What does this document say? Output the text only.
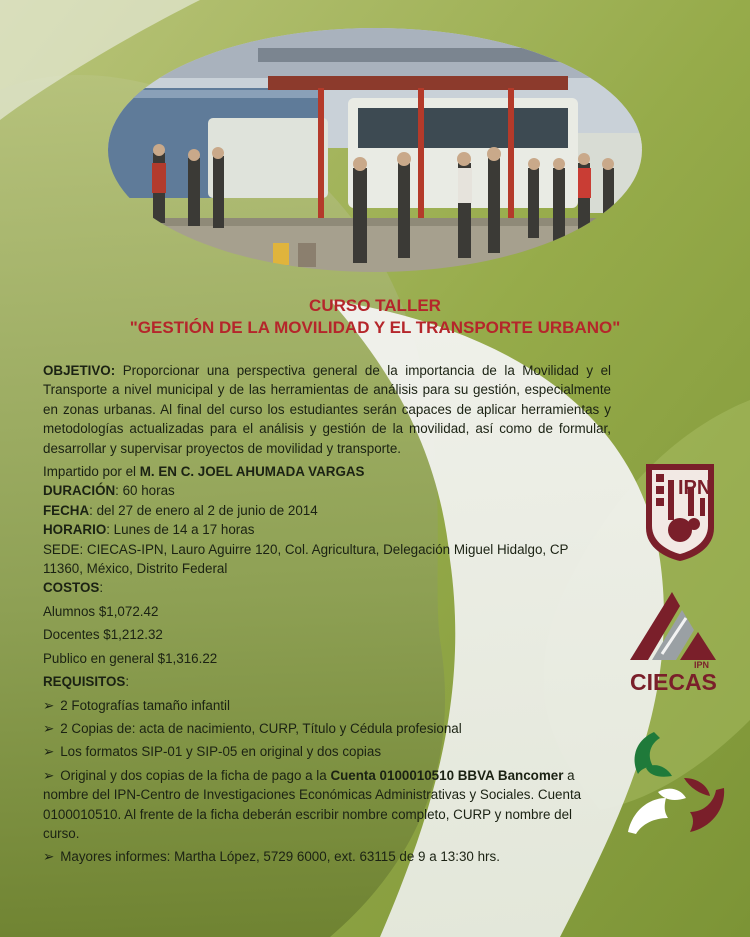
CURSO TALLER
"GESTIÓN DE LA MOVILIDAD Y EL TRANSPORTE URBANO"
OBJETIVO: Proporcionar una perspectiva general de la importancia de la Movilidad y el Transporte a nivel municipal y de las herramientas de análisis para su gestión, especialmente en zonas urbanas. Al final del curso los estudiantes serán capaces de aplicar herramientas y metodologías actualizadas para el análisis y gestión de la movilidad, así como de formular, desarrollar y supervisar proyectos de movilidad y transporte.
Impartido por el M. EN C. JOEL AHUMADA VARGAS
DURACIÓN: 60 horas
FECHA: del 27 de enero al 2 de junio de 2014
HORARIO: Lunes de 14 a 17 horas
SEDE: CIECAS-IPN, Lauro Aguirre 120, Col. Agricultura, Delegación Miguel Hidalgo, CP 11360, México, Distrito Federal
COSTOS:
Alumnos $1,072.42
Docentes $1,212.32
Publico en general $1,316.22
REQUISITOS:
➢ 2 Fotografías tamaño infantil
➢ 2 Copias de: acta de nacimiento, CURP, Título y Cédula profesional
➢ Los formatos SIP-01 y SIP-05 en original y dos copias
➢ Original y dos copias de la ficha de pago a la Cuenta 0100010510 BBVA Bancomer a nombre del IPN-Centro de Investigaciones Económicas Administrativas y Sociales. Cuenta 0100010510. Al frente de la ficha deberán escribir nombre completo, CURP y nombre del curso.
➢ Mayores informes: Martha López, 5729 6000, ext. 63115 de 9 a 13:30 hrs.
IPN
IPN
CIECAS
